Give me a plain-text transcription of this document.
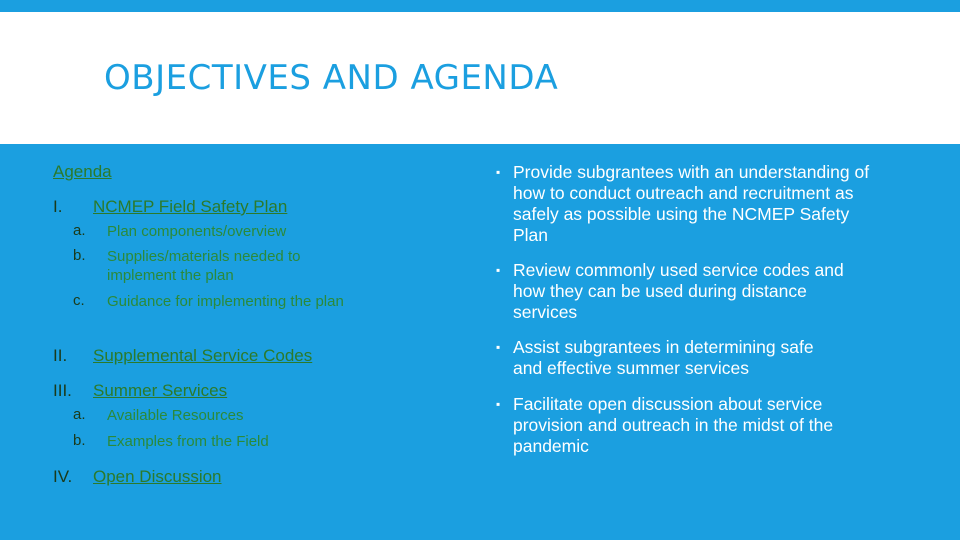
OBJECTIVES AND AGENDA
Agenda
I.	NCMEP Field Safety Plan
a. Plan components/overview
b. Supplies/materials needed to implement the plan
c. Guidance for implementing the plan
II.	Supplemental Service Codes
III.	Summer Services
a. Available Resources
b. Examples from the Field
IV.	Open Discussion
▪ Provide subgrantees with an understanding of how to conduct outreach and recruitment as safely as possible using the NCMEP Safety Plan
▪ Review commonly used service codes and how they can be used during distance services
▪ Assist subgrantees in determining safe and effective summer services
▪ Facilitate open discussion about service provision and outreach in the midst of the pandemic
